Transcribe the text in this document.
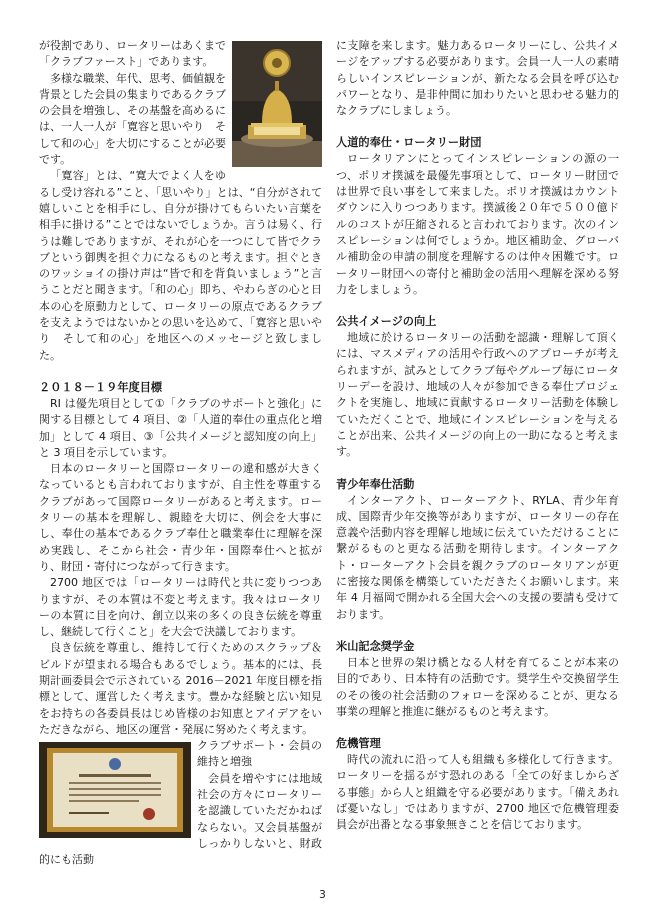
が役割であり、ロータリーはあくまで「クラブファースト」であります。

多様な職業、年代、思考、価値観を背景とした会員の集まりであるクラブの会員を増強し、その基盤を高めるには、一人一人が「寛容と思いやり　そして和の心」を大切にすることが必要です。

「寛容」とは、“寛大でよく人をゆるし受け容れる”こと、「思いやり」とは、“自分がされて嬉しいことを相手にし、自分が掛けてもらいたい言葉を相手に掛ける”ことではないでしょうか。言うは易く、行うは難しでありますが、それが心を一つにして皆でクラブという御輿を担ぐ力になるものと考えます。担ぐときのワッショイの掛け声は“皆で和を背負いましょう”と言うことだと聞きます。「和の心」即ち、やわらぎの心と日本の心を原動力として、ロータリーの原点であるクラブを支えようではないかとの思いを込めて、「寛容と思いやり　そして和の心」を地区へのメッセージと致しました。

２０１８－１９年度目標

RI は優先項目として①「クラブのサポートと強化」に関する目標として 4 項目、②「人道的奉仕の重点化と増加」として 4 項目、③「公共イメージと認知度の向上」と 3 項目を示しています。

日本のロータリーと国際ロータリーの違和感が大きくなっているとも言われておりますが、自主性を尊重するクラブがあって国際ロータリーがあると考えます。ロータリーの基本を理解し、親睦を大切に、例会を大事にし、奉仕の基本であるクラブ奉仕と職業奉仕に理解を深め実践し、そこから社会・青少年・国際奉仕へと拡がり、財団・寄付につながって行きます。

2700 地区では「ロータリーは時代と共に変りつつありますが、その本質は不変と考えます。我々はロータリーの本質に目を向け、創立以来の多くの良き伝統を尊重し、継続して行くこと」を大会で決議しております。

良き伝統を尊重し、維持して行くためのスクラップ＆ビルドが望まれる場合もあるでしょう。基本的には、長期計画委員会で示されている 2016－2021 年度目標を指標として、運営したく考えます。豊かな経験と広い知見をお持ちの各委員長はじめ皆様のお知恵とアイデアをいただきながら、地区の運営・発展に努めたく考えます。

クラブサポート・会員の維持と増強

会員を増やすには地域社会の方々にロータリーを認識していただかねばならない。又会員基盤がしっかりしないと、財政的にも活動

に支障を来します。魅力あるロータリーにし、公共イメージをアップする必要があります。会員一人一人の素晴らしいインスピレーションが、新たなる会員を呼び込むパワーとなり、是非仲間に加わりたいと思わせる魅力的なクラブにしましょう。

人道的奉仕・ロータリー財団

ロータリアンにとってインスピレーションの源の一つ、ポリオ撲滅を最優先事項として、ロータリー財団では世界で良い事をして来ました。ポリオ撲滅はカウントダウンに入りつつあります。撲滅後２０年で５００億ドルのコストが圧縮されると言われております。次のインスピレーションは何でしょうか。地区補助金、グローバル補助金の申請の制度を理解するのは仲々困難です。ロータリー財団への寄付と補助金の活用へ理解を深める努力をしましょう。

公共イメージの向上

地域に於けるロータリーの活動を認識・理解して頂くには、マスメディアの活用や行政へのアプローチが考えられますが、試みとしてクラブ毎やグループ毎にロータリーデーを設け、地域の人々が参加できる奉仕プロジェクトを実施し、地域に貢献するロータリー活動を体験していただくことで、地域にインスピレーションを与えることが出来、公共イメージの向上の一助になると考えます。

青少年奉仕活動

インターアクト、ローターアクト、RYLA、青少年育成、国際青少年交換等がありますが、ロータリーの存在意義や活動内容を理解し地域に伝えていただけることに繋がるものと更なる活動を期待します。インターアクト・ローターアクト会員を親クラブのロータリアンが更に密接な関係を構築していただきたくお願いします。来年 4 月福岡で開かれる全国大会への支援の要請も受けております。

米山記念奨学金

日本と世界の架け橋となる人材を育てることが本来の目的であり、日本特有の活動です。奨学生や交換留学生のその後の社会活動のフォローを深めることが、更なる事業の理解と推進に継がるものと考えます。

危機管理

時代の流れに沿って人も組織も多様化して行きます。ロータリーを揺るがす恐れのある「全ての好ましからざる事態」から人と組織を守る必要があります。「備えあれば憂いなし」ではありますが、2700 地区で危機管理委員会が出番となる事象無きことを信じております。

3
